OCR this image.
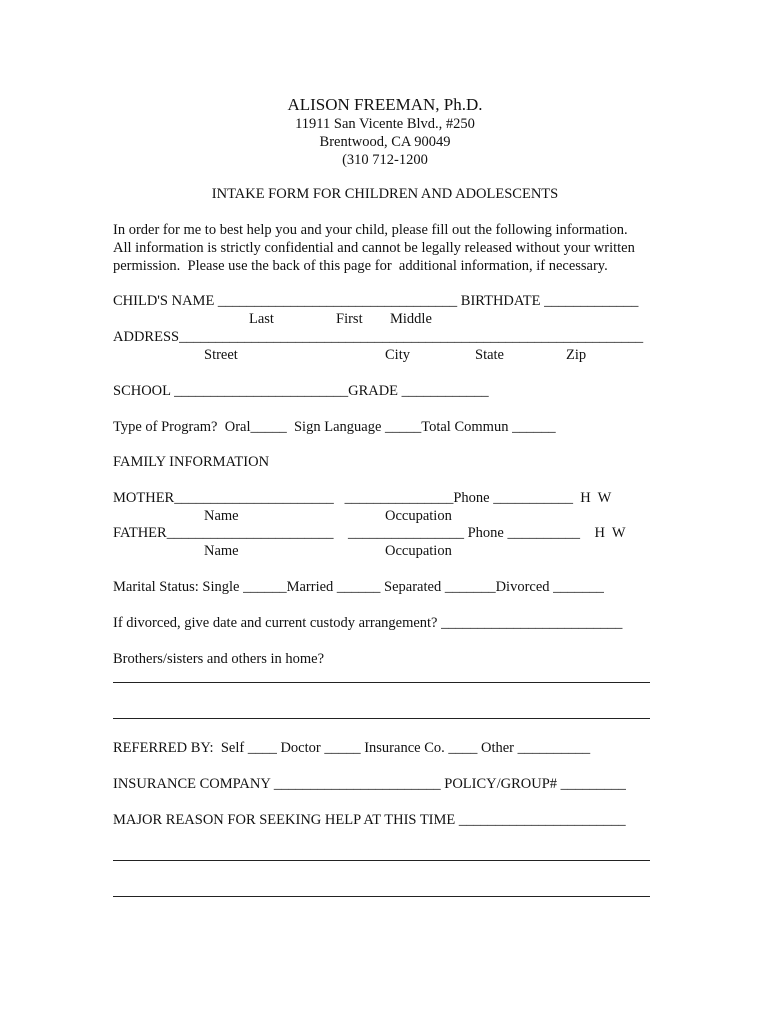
ALISON FREEMAN, Ph.D.
11911 San Vicente Blvd., #250
Brentwood, CA 90049
(310 712-1200
INTAKE FORM FOR CHILDREN AND ADOLESCENTS
In order for me to best help you and your child, please fill out the following information.
All information is strictly confidential and cannot be legally released without your written
permission.  Please use the back of this page for  additional information, if necessary.
CHILD'S NAME _________________________________ BIRTHDATE _____________
Last	First Middle
ADDRESS________________________________________________________________
Street	City	State	Zip
SCHOOL ________________________GRADE ____________
Type of Program?  Oral_____  Sign Language _____Total Commun ______
FAMILY INFORMATION
MOTHER______________________   _______________Phone ___________  H  W
Name	Occupation
FATHER_______________________    ________________ Phone __________    H  W
Name	Occupation
Marital Status: Single ______Married ______ Separated _______Divorced _______
If divorced, give date and current custody arrangement? _________________________
Brothers/sisters and others in home?
REFERRED BY:  Self ____ Doctor _____ Insurance Co. ____ Other __________
INSURANCE COMPANY _______________________ POLICY/GROUP# _________
MAJOR REASON FOR SEEKING HELP AT THIS TIME _______________________
